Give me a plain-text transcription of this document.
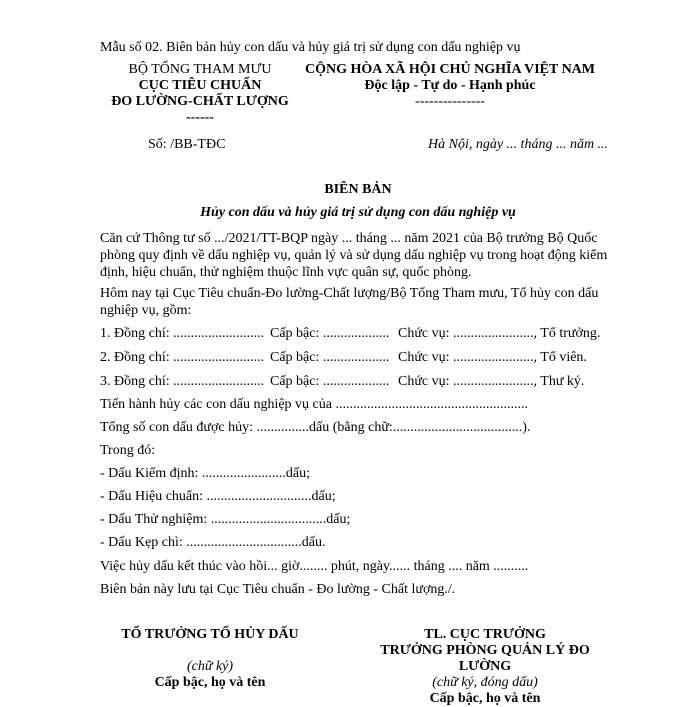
Mẫu số 02. Biên bản hủy con dấu và hủy giá trị sử dụng con dấu nghiệp vụ
BỘ TỔNG THAM MƯU
CỤC TIÊU CHUẨN
ĐO LƯỜNG-CHẤT LƯỢNG
------
CỘNG HÒA XÃ HỘI CHỦ NGHĨA VIỆT NAM
Độc lập - Tự do - Hạnh phúc
---------------
Số: /BB-TĐC	Hà Nội, ngày ... tháng ... năm ...
BIÊN BẢN
Hủy con dấu và hủy giá trị sử dụng con dấu nghiệp vụ
Căn cứ Thông tư số .../2021/TT-BQP ngày ... tháng ... năm 2021 của Bộ trưởng Bộ Quốc phòng quy định về dấu nghiệp vụ, quản lý và sử dụng dấu nghiệp vụ trong hoạt động kiểm định, hiệu chuẩn, thử nghiệm thuộc lĩnh vực quân sự, quốc phòng.
Hôm nay tại Cục Tiêu chuẩn-Đo lường-Chất lượng/Bộ Tổng Tham mưu, Tổ hủy con dấu nghiệp vụ, gồm:
1. Đồng chí: .......................... Cấp bậc: ................... Chức vụ: ......................., Tổ trưởng.
2. Đồng chí: .......................... Cấp bậc: ................... Chức vụ: ......................., Tổ viên.
3. Đồng chí: .......................... Cấp bậc: ................... Chức vụ: ......................., Thư ký.
Tiến hành hủy các con dấu nghiệp vụ của .......................................................
Tổng số con dấu được hủy: ...............dấu (bằng chữ:.....................................).
Trong đó:
- Dấu Kiểm định: ........................dấu;
- Dấu Hiệu chuẩn: ..............................dấu;
- Dấu Thử nghiệm: .................................dấu;
- Dấu Kẹp chì: .................................dấu.
Việc hủy dấu kết thúc vào hồi... giờ........ phút, ngày...... tháng .... năm ..........
Biên bản này lưu tại Cục Tiêu chuẩn - Đo lường - Chất lượng./.
TỔ TRƯỞNG TỔ HỦY DẤU
(chữ ký)
Cấp bậc, họ và tên
TL. CỤC TRƯỞNG
TRƯỞNG PHÒNG QUẢN LÝ ĐO
LƯỜNG
(chữ ký, đóng dấu)
Cấp bậc, họ và tên
